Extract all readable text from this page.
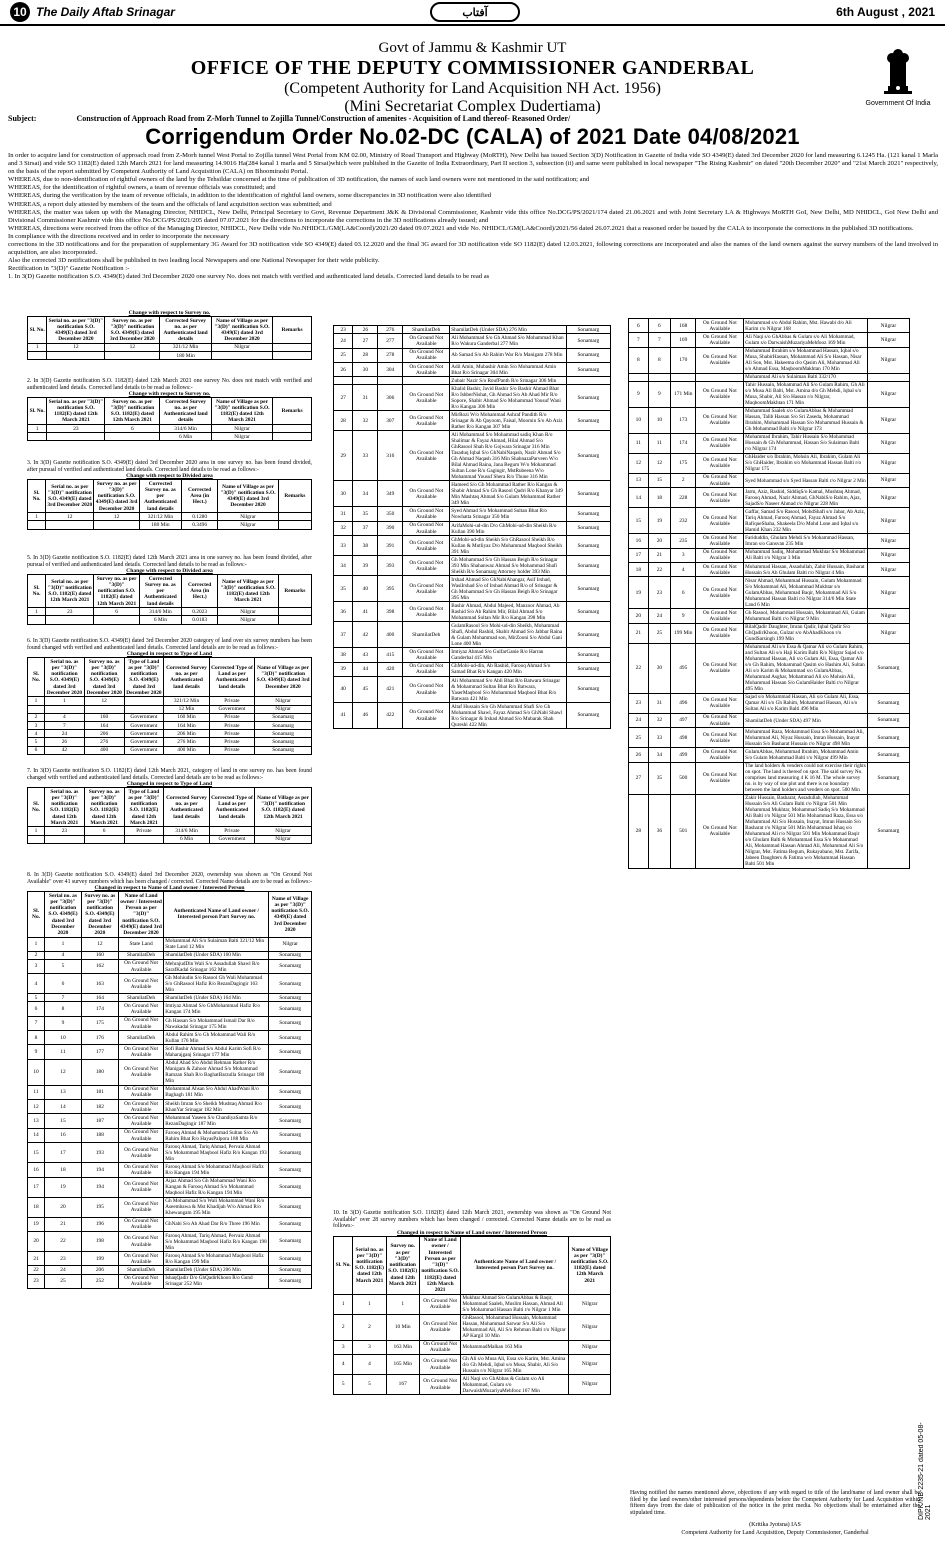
10 The Daily Aftab Srinagar	آفتاب	6th August , 2021
Govt of Jammu & Kashmir UT
OFFICE OF THE DEPUTY COMMISSIONER GANDERBAL
(Competent Authority for Land Acquisition NH Act. 1956)
(Mini Secretariat Complex Dudertiama)	Government Of India
Subject:	Construction of Approach Road from Z-Morh Tunnel to Zojilla Tunnel/Construction of amenites - Acquisition of Land thereof- Reasoned Order/
Corrigendum Order No.02-DC (CALA) of 2021 Date 04/08/2021
In order to acquire land for construction of approach road from Z-Morh tunnel West Portal to Zojilla tunnel West Portal from KM 02.00, Ministry of Road Transport and Highway (MoRTH), New Delhi has issued Section 3(D) Notification in Gazette of India vide SO 4349(E) dated 3rd December 2020 for land measuring 6.1245 Ha. (121 kanal 1 Marla and 3 Sirsai) and vide SO 1182(E) dated 12th March 2021 for land measuring 14.9016 Ha(284 kanal 1 marla and 5 Sirsai)which were published in the Gazette of India Extraordinary, Part II section 3, subsection (ii) and same were published in local newspaper "The Rising Kashmir" on dated "20th December 2020" and "21st March 2021" respectively, on the basis of the report submitted by Competent Authority of Land Acquisition (CALA) on Bhoomirashi Portal.
WHEREAS, due to non-identification of rightful owners of the land by the Tehsildar concerned at the time of publication of 3D notification, the names of such land owners were not mentioned in the said notification; and
WHEREAS, for the identification of rightful owners, a team of revenue officials was constituted; and
WHEREAS, during the verification by the team of revenue officials, in addition to the identification of rightful land owners, some discrepancies in 3D notification were also identified
WHEREAS, a report duly attested by members of the team and the officials of land acquisition section was submitted; and
WHEREAS, the matter was taken up with the Managing Director, NHIDCL, New Delhi, Principal Secretary to Govt, Revenue Department J&K & Divisional Commissioner, Kashmir vide this office No.DCG/PS/2021/174 dated 21.06.2021 and with Joint Secretary LA & Highways MoRTH GoI, New Delhi, MD NHIDCL, GoI New Delhi and Divisional Commissioner Kashmir vide this office No.DCG/PS/2021/205 dated 07.07.2021 for the directions to incorporate the corrections in the 3D notifications already issued; and
WHEREAS, directions were received from the office of the Managing Director, NHIDCL, New Delhi vide No.NHIDCL/GM(LA&Coord)/2021/20 dated 09.07.2021 and vide No. NHIDCL/GM(LA&Coord)/2021/56 dated 26.07.2021 that a reasoned order be issued by the CALA to incorporate the corrections in the published 3D notifications.
In compliance with the directions received and in order to incorporate the necessary
corrections in the 3D notifications and for the preparation of supplementary 3G Award for 3D notification vide SO 4349(E) dated 03.12.2020 and the final 3G award for 3D notification vide SO 1182(E) dated 12.03.2021, following corrections are incorporated and also the names of the land owners against the survey numbers of the land involved in acquisition, are also incorporated.
Also the corrected 3D notifications shall be published in two leading local Newspapers and one National Newspaper for their wide publicity.
Rectification in "3(D)" Gazette Notification :-
1. In 3(D) Gazette notification S.O. 4349(E) dated 3rd December 2020 one survey No. does not match with verified and authenticated land details. Corrected land details to be read as
Change with respect to Survey no.
Sl. No.	Serial no. as per "3(D)" notification S.O. 4349(E) dated 3rd December 2020	Survey no. as per "3(D)" notification S.O. 4349(E) dated 3rd December 2020	Corrected Survey no. as per Authenticated land details	Name of Village as per "3(D)" notification S.O. 4349(E) dated 3rd December 2020	Remarks
1	12	12	321/12 Min	Nilgrar	
			180 Min		
2. In 3(D) Gazette notification S.O. 1182(E) dated 12th March 2021 one survey No. does not match with verified and authenticated land details. Corrected land details to be read as follows:-
Change with respect to Survey no.
Sl. No.	Serial no. as per "3(D)" notification S.O. 1182(E) dated 12th March 2021	Survey no. as per "3(D)" notification S.O. 1182(E) dated 12th March 2021	Corrected Survey no. as per Authenticated land details	Name of Village as per "3(D)" notification S.O. 1182(E) dated 12th March 2021	Remarks
1	23	6	314/6 Min	Nilgrar	
			6 Min	Nilgrar	
3. In 3(D) Gazette notification S.O. 4349(E) dated 3rd December 2020 area in one survey no. has been found divided, after pursual of verified and authenticated land details. Corrected land details to be read as follows:-
Change with respect to Divided area
Sl. No.	Serial no. as per "3(D)" notification S.O. 4349(E) dated 3rd December 2020	Survey no. as per "3(D)" notification S.O. 4349(E) dated 3rd December 2020	Corrected Survey no. as per Authenticated land details	Corrected Area (in Hect.)	Name of Village as per "3(D)" notification S.O. 4349(E) dated 3rd December 2020	Remarks
1	12	12	321/12 Min	0.1280	Nilgrar	
			180 Min	0.3496	Nilgrar	
5. In 3(D) Gazette notification S.O. 1182(E) dated 12th March 2021 area in one survey no. has been found divided, after pursual of verified and authenticated land details. Corrected land details to be read as follows:-
Change with respect to Divided area
Sl. No.	Serial no. as per "3(D)" notification S.O. 1182(E) dated 12th March 2021	Survey no. as per "3(D)" notification S.O. 1182(E) dated 12th March 2021	Corrected Survey no. as per Authenticated land details	Corrected Area (in Hect.)	Name of Village as per "3(D)" notification S.O. 1182(E) dated 12th March 2021	Remarks
1	23	6	314/6 Min	0.2023	Nilgrar	
			6 Min	0.0183	Nilgrar	
6. In 3(D) Gazette notification S.O. 4349(E) dated 3rd December 2020 category of land over six survey numbers has been found changed with verified and authenticated land details. Corrected land details are to be read as follows:-
Changed in respect to Type of Land
Sl. No.	Serial no. as per "3(D)" notification S.O. 4349(E) dated 3rd December 2020	Survey no. as per "3(D)" notification S.O. 4349(E) dated 3rd December 2020	Type of Land as per "3(D)" notification S.O. 4349(E) dated 3rd December 2020	Corrected Survey no. as per Authenticated land details	Corrected Type of Land as per Authenticated land details	Name of Village as per "3(D)" notification S.O. 4349(E) dated 3rd December 2020
1	1	12		321/12 Min	Private	Nilgrar
				12 Min	Government	Nilgrar
2	4	160	Government	160 Min	Private	Sonamarg
3	7	164	Government	164 Min	Private	Sonamarg
4	24	206	Government	206 Min	Private	Sonamarg
5	26	276	Government	276 Min	Private	Sonamarg
6	42	400	Government	400 Min	Private	Sonamarg
7. In 3(D) Gazette notification S.O. 1182(E) dated 12th March 2021, category of land in one survey no. has been found changed with verified and authenticated land details. Corrected land details are to be read as follows:-
Changed in respect to Type of Land
Sl. No.	Serial no. as per "3(D)" notification S.O. 1182(E) dated 12th March 2021	Survey no. as per "3(D)" notification S.O. 1182(E) dated 12th March 2021	Type of Land as per "3(D)" notification S.O. 1182(E) dated 12th March 2021	Corrected Survey no. as per Authenticated land details	Corrected Type of Land as per Authenticated land details	Name of Village as per "3(D)" notification S.O. 1182(E) dated 12th March 2021
1	23	6	Private	314/6 Min	Private	Nilgrar
				6 Min	Government	Nilgrar
8. In 3(D) Gazette notification S.O. 4349(E) dated 3rd December 2020, ownership was shown as "On Ground Not Available" over 41 survey numbers which has been changed / corrected. Corrected Name details are to be read as follows:-
Changed in respect to Name of Land owner / Interested Person
Sl. No.	Serial no. as per "3(D)" notification S.O. 4349(E) dated 3rd December 2020	Survey no. as per "3(D)" notification S.O. 4349(E) dated 3rd December 2020	Name of Land owner / Interested Person as per "3(D)" notification S.O. 4349(E) dated 3rd December 2020	Authenticated Name of Land owner / Interested person Part Survey no.	Name of Village as per "3(D)" notification S.O. 4349(E) dated 3rd December 2020
1	1	12	State Land	Mohammad Ali S/o Sulaiman Balti 321/12 Min State Land 12 Min	Nilgrar
2	4	160	ShamilatDeh	ShamilatDeh (Under SDA) 160 Min	Sonamarg
3	5	162	On Ground Not Available	MehrajudDin Wali S/o Assadullah Shawl R/o SarafKadal Srinagar 162 Min	Sonamarg
4	6	163	On Ground Not Available	Gh Mohiudin S/o Rasool Gh Wali Mohammad S/o GhRasool Hafiz R/o RezanDagingir 163 Min	Sonamarg
5	7	164	ShamilatDeh	ShamilatDeh (Under SDA) 164 Min	Sonamarg
6	8	174	On Ground Not Available	Imtiyaz Ahmad S/o GhMohammad Hafiz R/o Kangan 174 Min	Sonamarg
7	9	175	On Ground Not Available	Gh Hassan S/o Mohammad Ismail Dar R/o Nawakadal Srinagar 175 Min	Sonamarg
8	10	176	ShamilatDeh	Abdul Rahim S/o Gh Mohammad Wali R/o Kullan 176 Min	Sonamarg
9	11	177	On Ground Not Available	Sofi Bashir Ahmad S/o Abdul Karim Sofi R/o Maharajganj Srinagar 177 Min	Sonamarg
10	12	180	On Ground Not Available	Abdul Ahad S/o Abdul Rehman Rather R/o Manigam & Zahoor Ahmad S/o Mohammad Ramzan Shah R/o BaghatBarzulla Srinagar 180 Min	Sonamarg
11	13	181	On Ground Not Available	Mohammad Ahsan S/o Abdul AhadWani R/o Baghagh 181 Min	Sonamarg
12	14	182	On Ground Not Available	Sheikh Imran S/o Sheikh Mushtaq Ahmad R/o KhanYar Srinagar 182 Min	Sonamarg
13	15	187	On Ground Not Available	Mohammad Yaseen S/o ChandiyaSamta R/o RezanDagingir 187 Min	Sonamarg
14	16	188	On Ground Not Available	Farooq Ahmad & Mohammad Sultan S/o Ab Rahim Bhat R/o HayasPalpora 188 Min	Sonamarg
15	17	193	On Ground Not Available	Farooq Ahmad, Tariq Ahmad, Pervaiz Ahmad S/o Mohammad Maqbool Hafiz R/o Kangan 193 Min	Sonamarg
16	18	194	On Ground Not Available	Farooq Ahmad S/o Mohammad Maqbool Hafiz R/o Kangan 194 Min	Sonamarg
17	19	194	On Ground Not Available	Aijaz Ahmad S/o Gh Mohammad Wani R/o Kangan & Farooq Ahmad S/o Mohammad Maqbool Hafiz R/o Kangan 194 Min	Sonamarg
18	20	195	On Ground Not Available	Gh Mohammad S/o Wali Mohammad Wani R/o Aseembawa & Mst Khadijah W/o Ahmad R/o Khewangam 195 Min	Sonamarg
19	21	196	On Ground Not Available	GhNabi S/o Ab Ahad Dar R/o Three 196 Min	Sonamarg
20	22	198	On Ground Not Available	Farooq Ahmad, Tariq Ahmad, Pervaiz Ahmad S/o Mohammad Maqbool Hafiz R/o Kangan 198 Min	Sonamarg
21	23	199	On Ground Not Available	Farooq Ahmad S/o Mohammad Maqbool Hafiz R/o Kangan 199 Min	Sonamarg
22	24	206	ShamilatDeh	ShamilatDeh (Under SDA) 206 Min	Sonamarg
23	25	252	On Ground Not Available	IshaqQadir D/o GhQadirKhoon R/o Gund Srinagar 252 Min	Sonamarg
23	26	276	ShamilatDeh	ShamilatDeh (Under SDA) 276 Min	Sonamarg
24	27	277	On Ground Not Available	Ali Mohammad S/o Gh Ahmad S/o Mohammad Khan R/o Wakura Ganderbal 277 Min	Sonamarg
25	28	278	On Ground Not Available	Ab Samad S/o Ab Rahim War R/o Manigam 278 Min	Sonamarg
26	30	304	On Ground Not Available	Adil Amin, Mubashir Amin S/o Mohammad Amin Bhat R/o Srinagar 304 Min	Sonamarg
				Zubair Nazir S/o RoufPanth R/o Srinagar 306 Min	
27	31	306	On Ground Not Available	Khalid Bashir, Javid Bashir S/o Bashir Ahmad Bhat R/o IshberNishat, Gh Ahmad S/o Ab Ahad Mir R/o Sopore, Shabir Ahmad S/o Mohammad Yousuf Wani R/o Kangan 306 Min	Sonamarg
28	32	307	On Ground Not Available	MirRozi W/o Mohammad Ashraf Pandith R/o Srinagar & Ab Qayoom, Faisal, Moomin S/o Ab Aziz Rather R/o Kangan 307 Min	Sonamarg
29	33	316	On Ground Not Available	Ali Mohammad S/o Mohammad sadiq Khan R/o Shalimar & Fayaz Ahmad, Hilal Ahmad S/o GhRasool Shah R/o Gojwara Srinagar 316 Min Tasaduq Iqbal S/o GhNabiNaqash, Nazir Ahmad S/o Gh Ahmad Naqash 316 Min ShahnazaParveen W/o Bilal Ahmad Raina, Jana Begum W/o Mohammad Sultan Lone R/o Gagingir, MstRubeena W/o Mohammad Yousuf Shera R/o Thune 316 Min	Sonamarg
30	34	349	On Ground Not Available	Hameed S/o Gh Mohammad Rather R/o Kangan & Shabir Ahmad S/o Gh Rasool Qadri R/o Khanyar 349 Min Mashtaq Ahmad S/o Gulam Mohammad Rather 349 Min	Sonamarg
31	35	350	On Ground Not Available	Syed Ahmad S/o Mohammad Sultan Bhat R/o Nowhatta Srinagar 350 Min	Sonamarg
32	37	390	On Ground Not Available	ArifaMohi-ud-din D/o GhMohi-ud-din Sheikh R/o Kullan 390 Min	Sonamarg
33	38	391	On Ground Not Available	GhMohi-ud-din Sheikh S/o GhRasool Sheikh R/o Kullan & Mutliyaz D/o Mohammad Maqbool Sheikh 391 Min	Sonamarg
34	39	393	On Ground Not Available	Gh Mohammad S/o Gh Hassan Beigh R/o Srinagar 393 Min Shahanwaz Ahmad S/o Mohammad Shafi Sheikh R/o Sonamarg Attorney holder 393 Min	Sonamarg
35	40	395	On Ground Not Available	Irshad Ahmad S/o GhNabiAhangar, Asif Irshad, WasiIrshad S/o of Irshad Ahmad R/o of Srinagar & Gh Mohammad S/o Gh Hassan Beigh R/o Srinagar 395 Min	Sonamarg
36	41	398	On Ground Not Available	Bashir Ahmad, Abdul Majeed, Manzoor Ahmad, Ab Rashid S/o Ab Rahim Mir, Bilal Ahmad S/o Mohammad Sultan Mir R/o Kangan 398 Min	Sonamarg
37	42	400	ShamilatDeh	GulamRasool S/o Mohi-ud-din Sheikh, Mohammad Shafi, Abdul Rashid, Shabir Ahmad S/o Jabbar Raina & Gulam Mohammad son, MirZooni S/o Abdul Gani Lone 400 Min	Sonamarg
38	43	415	On Ground Not Available	Imtiyaz Ahmad S/o GulfarGanie R/o Harran Ganderbal 415 Min	Sonamarg
39	44	420	On Ground Not Available	GhMohi-ud-din, Ab Rashid, Farooq Ahmad S/o Samad Bhat R/o Kangan 420 Min	Sonamarg
40	45	421	On Ground Not Available	Ali Mohammad S/o Abli Bhat R/o Batwara Srinagar & Mohammad Sultan Bhat R/o Batwara, YaserMaqbool S/o Mohammad Maqbool Bhat R/o Batwara 421 Min	Sonamarg
41	46	422	On Ground Not Available	Altaf Hussain S/o Gh Mohammad Shafi S/o Gh Mohammad Shawl, Fayaz Ahmad S/o GhNabi Shawl R/o Srinagar & Irshad Ahmad S/o Mubarak Shah Qureshi 422 Min	Sonamarg
10. In 3(D) Gazette notification S.O. 1182(E) dated 12th March 2021, ownership was shown as "On Ground Not Available" over 28 survey numbers which has been changed / corrected. Corrected Name details are to be read as follows:-
Changed in respect to Name of Land owner / Interested Person
Sl. No.	Serial no. as per "3(D)" notification S.O. 1182(E) dated 12th March 2021	Survey no. as per "3(D)" notification S.O. 1182(E) dated 12th March 2021	Name of Land owner / Interested Person as per "3(D)" notification S.O. 1182(E) dated 12th March 2021	Authenticate Name of Land owner / Interested person Part Survey no.	Name of Village as per "3(D)" notification S.O. 1182(E) dated 12th March 2021
1	1	1	On Ground Not Available	Mukhtar Ahmad S/o GulamAbbas & Baqir, Mohammad Saaleh, Muslim Hassan, Ahmad Ali S/o Mohammad Hassan Balti r/o Nilgrar 1 Min	Nilgrar
2	2	10 Min	On Ground Not Available	GhRasool, Mohammad Hussain, Mohammad Hassan, Mohammad Sarwar S/o Ali S/o Mohammad Ali, Ali S/o Rehman Balti r/o Nilgrar AP Kargil 10 Min	Nilgrar
3	3	163 Min	On Ground Not Available	MohammadMalkan 163 Min	Nilgrar
4	4	165 Min	On Ground Not Available	Gh Ali s/o Musa Ali, Essa s/o Karim, Mst. Amina d/o Gh Mehdi, Iqbal s/o Musa, Shabir, Ali S/o Hussain r/o Nilgrar 165 Min	Nilgrar
5	5	167	On Ground Not Available	Ali Naqi s/o GhAbbas & Gulam s/o Ali Mohammad, Gulam s/o DarwaishMuzariyaMehfooz 167 Min	Nilgrar
6	6	168	On Ground Not Available	Mohammad s/o Abdul Rahim, Mst. Hawabi d/o Ali Karim r/o Nilgrar 168	Nilgrar
7	7	169	On Ground Not Available	Ali Naqi s/o GhAbbas & Gulam s/o Ali Mohammad, Gulam s/o DarwaishMuzariyaMehfooz 169 Min	Nilgrar
8	8	170	On Ground Not Available	Mohammad Ibrahim s/o Mohammad Hassan, Iqbal s/o Musa, ShabirHassan, Mohammad Ali S/o Hassan, Nisar Ali Son, Mst. Hakeema d/o Qasim Ali, Mohammad Ali s/o Ahmad Essa, MaqboomMakhtan 170 Min	Nilgrar
				Mohammad Ali s/o Sulaiman Balti 332/170	
9	9	171 Min	On Ground Not Available	Tahir Hussain, Mohammad Ali S/o Gulam Rahim, Gh Ali s/o Musa Ali Balti, Mst. Amina d/o Gh Mehdi, Iqbal s/o Musa, Shabir, Ali S/o Hassan r/o Nilgrar, MaqboomMakhtan 171 Min	Nilgrar
10	10	173	On Ground Not Available	Mohammad Saaleh s/o GulamAbbas & Mohammad Hassan, Talib Hassan S/o Sri Zaseda, Mohammad Ibrahim, Mohammad Hassan S/o Mohammad Hussain & Gh Mohammad Balti r/o Nilgrar 173	Nilgrar
11	11	174	On Ground Not Available	Mohammad Ibrahim, Tahir Hussain S/o Mohammad Hussain & Gh Mohammad, Hassan S/o Sulaiman Balti r/o Nilgrar 174	Nilgrar
12	12	175	On Ground Not Available	GhHaider s/o Ibrahim, Mohsin Ali, Ibrahim, Gulam Ali S/o GhHaider, Ibrahim s/o Mohammad Hassan Balti r/o Nilgrar 175	Nilgrar
13	15	2	On Ground Not Available	Syed Mohammad s/o Syed Hassan Balti r/o Nilgrar 2 Min	Nilgrar
14	18	228	On Ground Not Available	Jarm, Aziz, Rashid, SiddiqS/o Kamal, Mushtaq Ahmad, Farooq Ahmad, Nazir Ahmad, GhNabiS/o Rahim, Ajaz, SajadS/o Naseer Ahmad r/o Nilgrar 228 Min	Nilgrar
15	19	232	On Ground Not Available	Gaffar, Samad S/o Rasool, MohdShafi s/o Jabar, Ab Aziz, Tariq Ahmad, Farooq Ahmad, Fayaz Ahmad S/o RafiqueShaha, Shakeela D/o Mohd Lone and Iqbal s/o Hamid Khan 232 Min	Nilgrar
16	20	235	On Ground Not Available	Fariduddin, Ghulam Mehdi S/o Mohammad Hassan, Imran s/o Gansvan 235 Min	Nilgrar
17	21	3	On Ground Not Available	Mohammad Sadiq, Mohammad Mukhtar S/o Mohammad Ali Balti r/o Nilgrar 3 Min	Nilgrar
18	22	4	On Ground Not Available	Mohammad Hassan, Assadullah, Zahir Hussain, Basharat Hussain S/o Ab Ghulam Balti r/o Nilgrar 4 Min	Nilgrar
19	23	6	On Ground Not Available	Nisar Ahmad, Mohammad Hussain, Gulam Mohammad S/o Mohammad Ali, Mohammad Mukhtar s/o GulamAbbas, Mohammad Baqir, Mohammad Ali S/o Mohammad Hassan Balti r/o Nilgrar 314/6 Min State Land 6 Min	Nilgrar
20	24	9	On Ground Not Available	Gh Rasool, Mohammad Hussain, Mohammad Ali, Gulam Mohammad Balti r/o Nilgrar 9 Min	Nilgrar
21	25	199 Min	On Ground Not Available	BilalQadir Daughter, Imran Qadir, Iqbal Qadir S/o GhQadirKhoon, Gulzar s/o AbAhadKhoon r/o GundSarsingh 199 Min	Nilgrar
22	30	495	On Ground Not Available	Mohammad Ali s/o Essa & Qamar Ali s/o Gulam Rahim, and Sultan Ali s/o Haji Karim Balti R/o Nilgrar Sajad s/o Mohammad Hassan, Ali s/o Gulam Ali, Essa, Qamar Ali s/o Gh Rahim, Mohammad Qasim s/o Hashim Ali, Sultan Ali s/o Karim & Mohammad s/o GulamAbbas, Mohammad Asghar, Mohammad Ali s/o Mohsin Ali, Mohammad Hassan S/o GulamHaider Balti r/o Nilgrar 495 Min	Sonamarg
23	31	496	On Ground Not Available	Sajad s/o Mohammad Hassan, Ali s/o Gulam Ali, Essa, Qamar Ali s/o Gh Rahim, Mohammad Hassan, Ali s/o Sultan Ali s/o Karim Balti 496 Min	Sonamarg
24	32	497	On Ground Not Available	ShamilatDeh (Under SDA) 497 Min	Sonamarg
25	33	498	On Ground Not Available	Mohammad Raza, Mohammad Essa S/o Mohammad Ali, Mohammad Ali, Niyaz Hussain, Imran Hussain, Inayat Hussain S/o Basharat Hussain r/o Nilgrar 498 Min	Sonamarg
26	34	499	On Ground Not Available	GulamAbbas, Mohammad Ibrahim, Mohammad Amin S/o Gulam Mohammad Balti r/o Nilgrar 499 Min	Sonamarg
27	35	500	On Ground Not Available	The land holders & venders could not exercise their rights on spot. The land is thereof on spot. The said survey No. comprises land measuring 4 K 16 M. The whole survey no. is by way of one plot and there is no boundary between the land holders and venders on spot. 500 Min	Sonamarg
28	36	501	On Ground Not Available	Zakir Hussain, Basharat, Assadullah, Mohammad Hussain S/o Ali Gulam Balti r/o Nilgrar 501 Min Mohammad Mukhtar, Mohammad Sadiq S/o Mohammad Ali Balti r/o Nilgrar 501 Min Mohammad Raza, Essa s/o Mohammad Ali S/o Hussain, Inayat, Imran Hussain S/o Basharat r/o Nilgrar 501 Min Mohammad Ishaq s/o Mohammad Ali r/o Nilgrar 501 Min Mohammad Baqir s/o Ghulam Balti & Mohammad Essa S/o Mohammad Ali, Mohammad Hassan Ahmad Ali, Mohammad Ali S/o Nilgrar, Mst. Fatima Begum, Rukayabano, Mst. Zarifa, Jabeen Daughters & Fatima w/o Mohammad Hassan Balti 501 Min	Sonamarg
Having notified the names mentioned above, objections if any with regard to title of the land/name of land owner shall be filed by the land owners/other interested persons/dependents before the Competent Authority for Land Acquisition within fifteen days from the date of publication of the notice in the print media. No objections shall be entertained after the stipulated time.
(Kritika Jyotsna) IAS
Competent Authority for Land Acquisition, Deputy Commissioner, Ganderbal
DIPK/NB-2235-21 dated 05-08-2021
